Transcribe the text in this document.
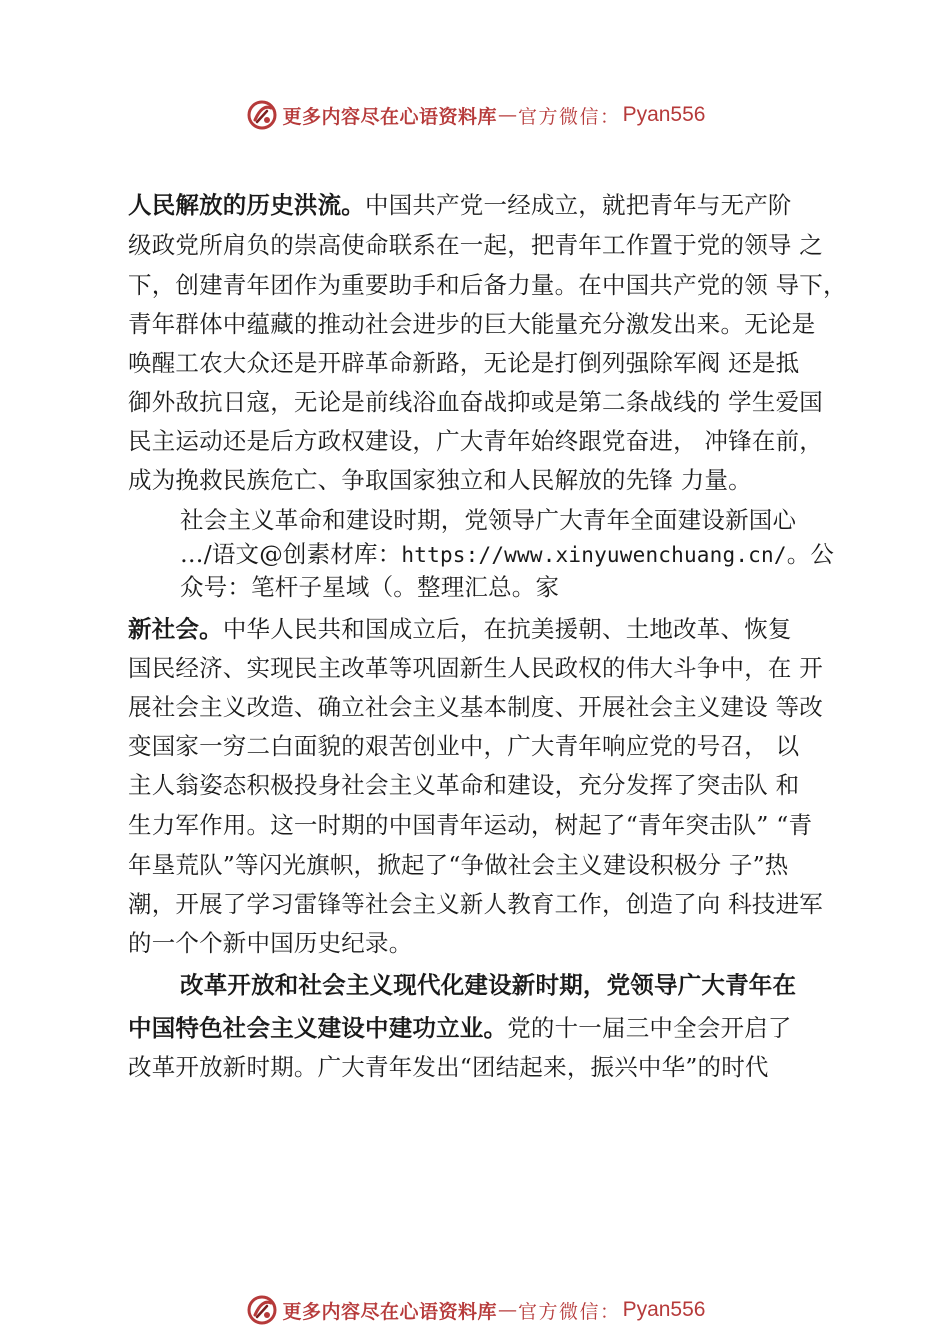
更多内容尽在心语资料库 — 官方微信： Pyan556
人民解放的历史洪流。中国共产党一经成立，就把青年与无产阶
级政党所肩负的崇高使命联系在一起，把青年工作置于党的领导 之
下，创建青年团作为重要助手和后备力量。在中国共产党的领 导下，
青年群体中蕴藏的推动社会进步的巨大能量充分激发出来。无论是
唤醒工农大众还是开辟革命新路，无论是打倒列强除军阀 还是抵
御外敌抗日寇，无论是前线浴血奋战抑或是第二条战线的 学生爱国
民主运动还是后方政权建设，广大青年始终跟党奋进， 冲锋在前，
成为挽救民族危亡、争取国家独立和人民解放的先锋 力量。
社会主义革命和建设时期，党领导广大青年全面建设新国心
…/语文@创素材库：https://www.xinyuwenchuang.cn/。公
众号：笔杆子星域（。整理汇总。家
新社会。中华人民共和国成立后，在抗美援朝、土地改革、恢复
国民经济、实现民主改革等巩固新生人民政权的伟大斗争中，在 开
展社会主义改造、确立社会主义基本制度、开展社会主义建设 等改
变国家一穷二白面貌的艰苦创业中，广大青年响应党的号召， 以
主人翁姿态积极投身社会主义革命和建设，充分发挥了突击队 和
生力军作用。这一时期的中国青年运动，树起了“青年突击队” “青
年垦荒队”等闪光旗帜，掀起了“争做社会主义建设积极分 子”热
潮，开展了学习雷锋等社会主义新人教育工作，创造了向 科技进军
的一个个新中国历史纪录。
改革开放和社会主义现代化建设新时期，党领导广大青年在
中国特色社会主义建设中建功立业。党的十一届三中全会开启了
改革开放新时期。广大青年发出“团结起来，振兴中华”的时代
更多内容尽在心语资料库 — 官方微信： Pyan556
